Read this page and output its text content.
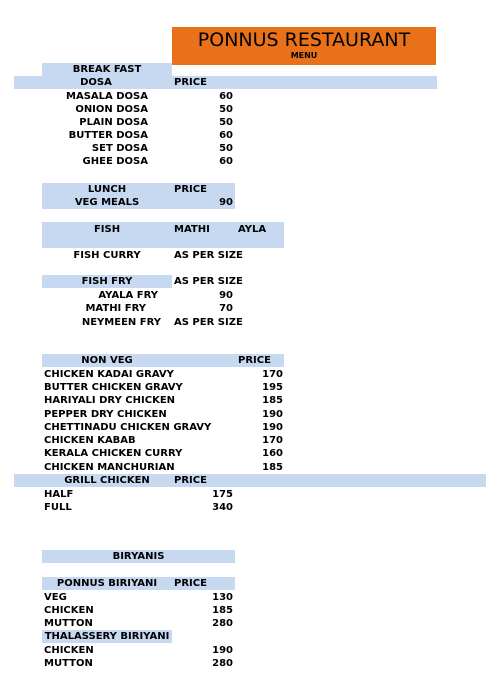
PONNUS RESTAURANT
MENU
BREAK FAST
DOSA	PRICE
MASALA DOSA	60
ONION DOSA	50
PLAIN DOSA	50
BUTTER DOSA	60
SET DOSA	50
GHEE DOSA	60
LUNCH	PRICE
VEG MEALS	90
FISH	MATHI	AYLA
FISH CURRY	AS PER SIZE
FISH FRY	AS PER SIZE
AYALA FRY	90
MATHI FRY	70
NEYMEEN FRY AS PER SIZE
NON VEG	PRICE
CHICKEN KADAI GRAVY	170
BUTTER CHICKEN GRAVY	195
HARIYALI DRY CHICKEN	185
PEPPER DRY CHICKEN	190
CHETTINADU CHICKEN GRAVY	190
CHICKEN KABAB	170
KERALA CHICKEN CURRY	160
CHICKEN MANCHURIAN	185
GRILL CHICKEN	PRICE
HALF	175
FULL	340
BIRYANIS
PONNUS BIRIYANI	PRICE
VEG	130
CHICKEN	185
MUTTON	280
THALASSERY BIRIYANI
CHICKEN	190
MUTTON	280
